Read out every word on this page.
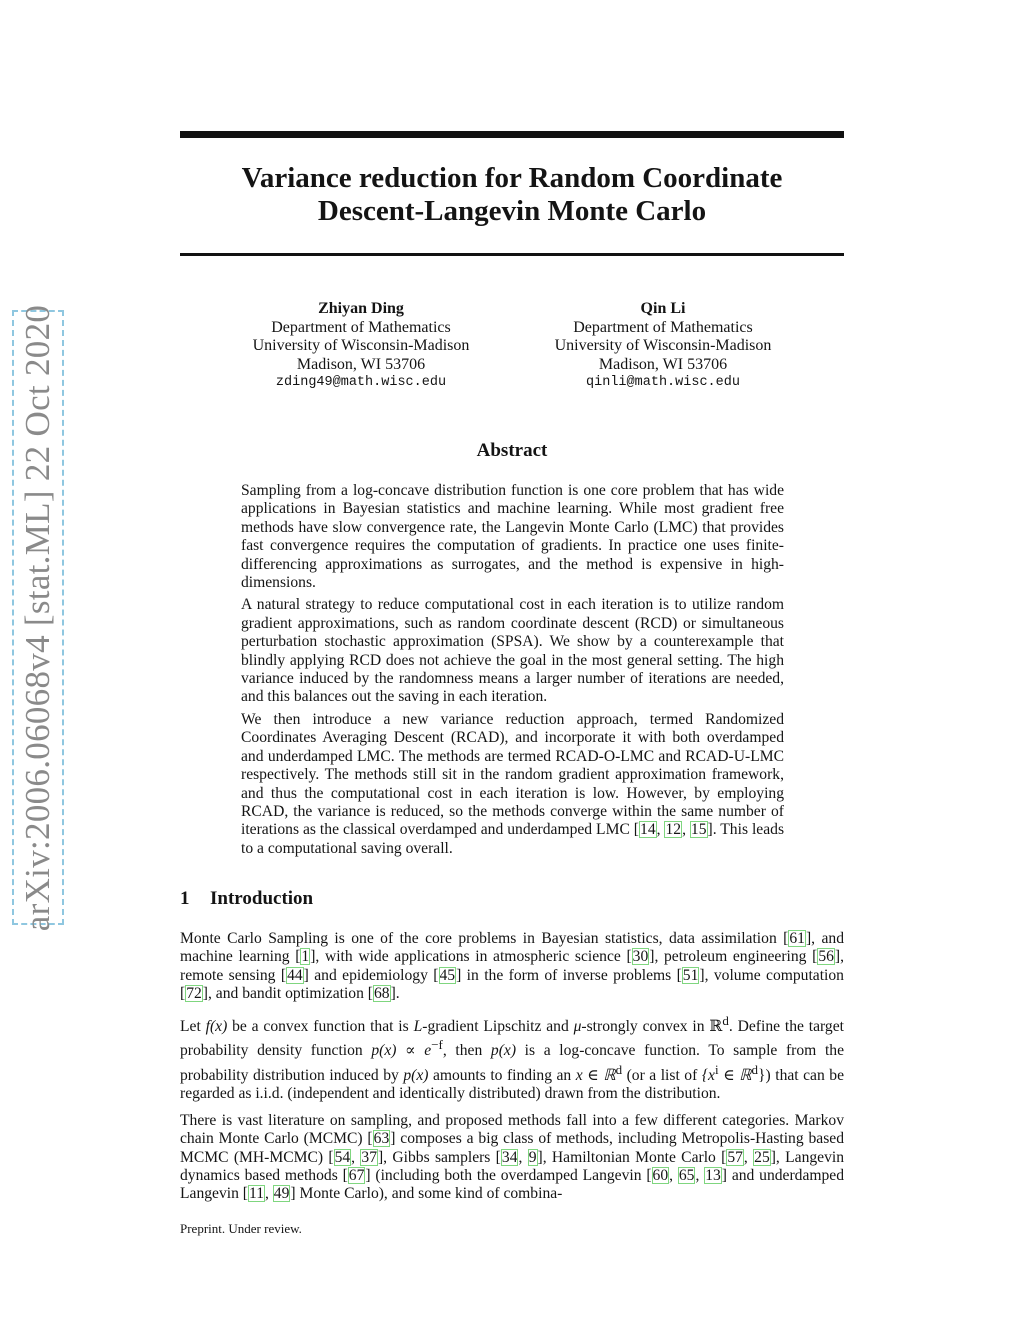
arXiv:2006.06068v4 [stat.ML] 22 Oct 2020
Variance reduction for Random Coordinate
Descent-Langevin Monte Carlo
Zhiyan Ding
Department of Mathematics
University of Wisconsin-Madison
Madison, WI 53706
zding49@math.wisc.edu
Qin Li
Department of Mathematics
University of Wisconsin-Madison
Madison, WI 53706
qinli@math.wisc.edu
Abstract

Sampling from a log-concave distribution function is one core problem that has wide applications in Bayesian statistics and machine learning. While most gradient free methods have slow convergence rate, the Langevin Monte Carlo (LMC) that provides fast convergence requires the computation of gradients. In practice one uses finite-differencing approximations as surrogates, and the method is expensive in high-dimensions.

A natural strategy to reduce computational cost in each iteration is to utilize random gradient approximations, such as random coordinate descent (RCD) or simultaneous perturbation stochastic approximation (SPSA). We show by a counterexample that blindly applying RCD does not achieve the goal in the most general setting. The high variance induced by the randomness means a larger number of iterations are needed, and this balances out the saving in each iteration.

We then introduce a new variance reduction approach, termed Randomized Coordinates Averaging Descent (RCAD), and incorporate it with both overdamped and underdamped LMC. The methods are termed RCAD-O-LMC and RCAD-U-LMC respectively. The methods still sit in the random gradient approximation framework, and thus the computational cost in each iteration is low. However, by employing RCAD, the variance is reduced, so the methods converge within the same number of iterations as the classical overdamped and underdamped LMC [14, 12, 15]. This leads to a computational saving overall.

1 Introduction

Monte Carlo Sampling is one of the core problems in Bayesian statistics, data assimilation [61], and machine learning [1], with wide applications in atmospheric science [30], petroleum engineering [56], remote sensing [44] and epidemiology [45] in the form of inverse problems [51], volume computation [72], and bandit optimization [68].

Let f(x) be a convex function that is L-gradient Lipschitz and μ-strongly convex in ℝ$^d$. Define the target probability density function $p(x) \propto e^{-f}$, then p(x) is a log-concave function. To sample from the probability distribution induced by p(x) amounts to finding an x ∈ ℝ$^d$ (or a list of {$x^i$ ∈ ℝ$^d$}) that can be regarded as i.i.d. (independent and identically distributed) drawn from the distribution.

There is vast literature on sampling, and proposed methods fall into a few different categories. Markov chain Monte Carlo (MCMC) [63] composes a big class of methods, including Metropolis-Hasting based MCMC (MH-MCMC) [54, 37], Gibbs samplers [34, 9], Hamiltonian Monte Carlo [57, 25], Langevin dynamics based methods [67] (including both the overdamped Langevin [60, 65, 13] and underdamped Langevin [11, 49] Monte Carlo), and some kind of combina-

Preprint. Under review.
